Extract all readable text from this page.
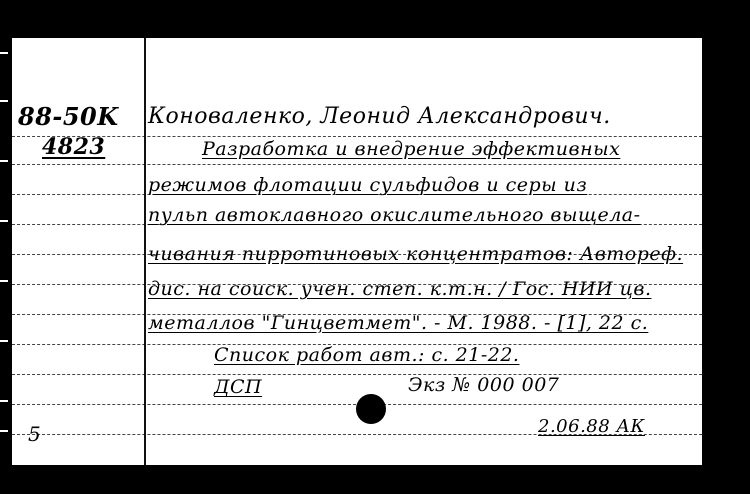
88-50K
4823
Коноваленко, Леонид Александрович.
Разработка и внедрение эффективных
режимов флотации сульфидов и серы из
пульп автоклавного окислительного выщела-
чивания пирротиновых концентратов: Автореф.
дис. на соиск. учен. степ. к.т.н. / Гос. НИИ цв.
металлов "Гинцветмет". - М. 1988. - [1], 22 с.
Список работ авт.: с. 21-22.
ДСП	Экз № 000 007
2.06.88 АК
5
